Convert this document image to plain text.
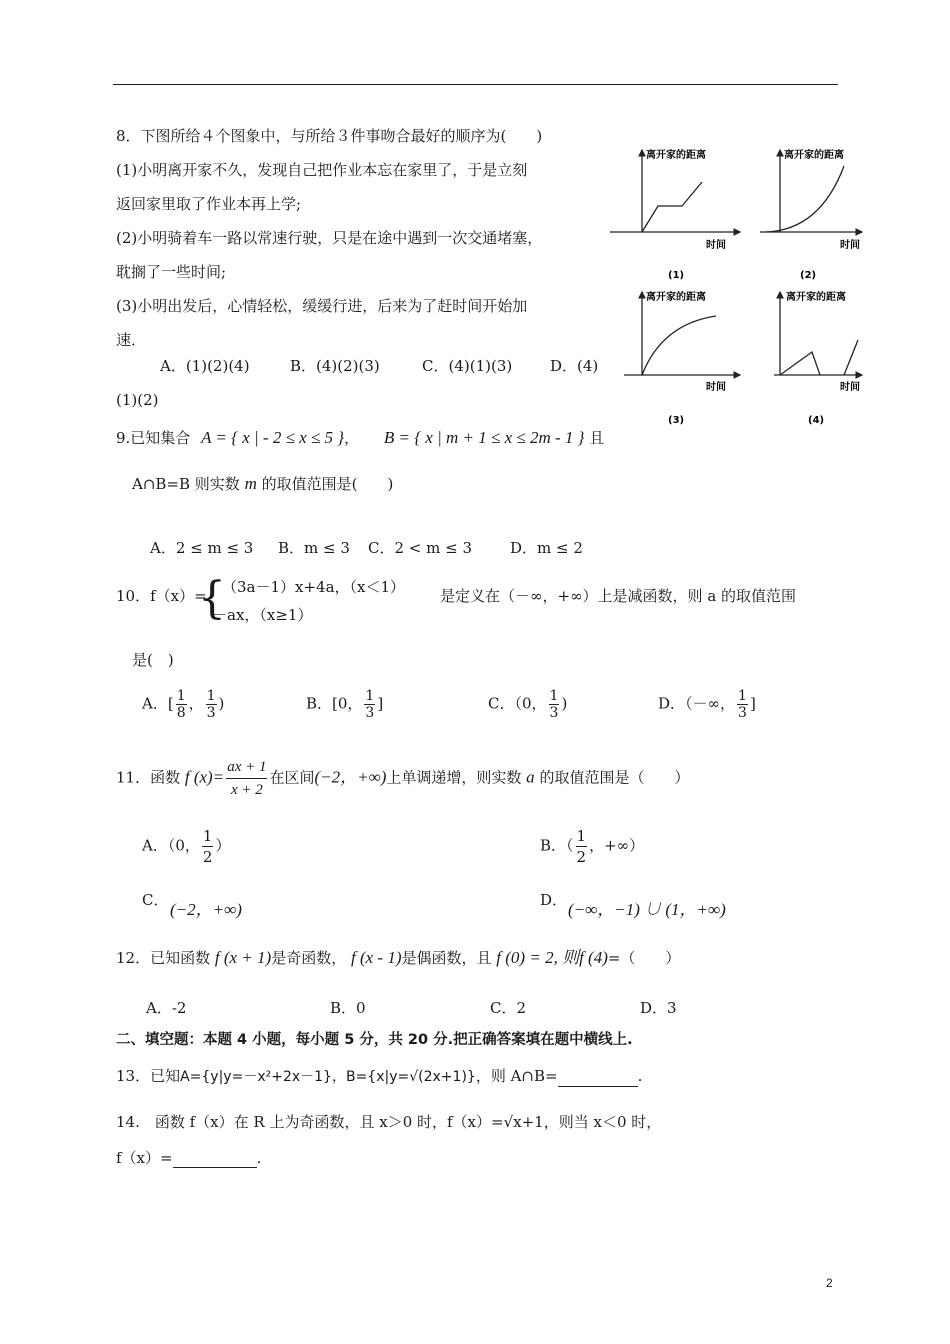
8．下图所给４个图象中，与所给３件事吻合最好的顺序为(　　)
(1)小明离开家不久，发现自己把作业本忘在家里了，于是立刻
返回家里取了作业本再上学;
(2)小明骑着车一路以常速行驶，只是在途中遇到一次交通堵塞，
耽搁了一些时间;
(3)小明出发后，心情轻松，缓缓行进，后来为了赶时间开始加
速．
A．(1)(2)(4)	B．(4)(2)(3)	C．(4)(1)(3)	D．(4)
(1)(2)
离开家的距离
时间
(1)
离开家的距离
时间
(2)
离开家的距离
时间
(3)
离开家的距离
时间
(4)
9.已知集合 A = { x | - 2 ≤ x ≤ 5 }， B = { x | m + 1 ≤ x ≤ 2m - 1 } 且
A∩B=B 则实数 m 的取值范围是(　　)
A．2 ≤ m ≤ 3 B．m ≤ 3 C．2 < m ≤ 3	D．m ≤ 2
10．f（x）=
{
（3a－1）x+4a，（x＜1）
－ax，（x≥1）
是定义在（－∞，+∞）上是减函数，则 a 的取值范围
是(　)
A．[ $\frac{1}{8}$ ， $\frac{1}{3}$ )	B．[0， $\frac{1}{3}$ ]	C．（0， $\frac{1}{3}$ )	D．（－∞， $\frac{1}{3}$ ]
11．函数 f $(x)= \frac{ax + 1}{x + 2}$ 在区间(−2，+∞)上单调递增，则实数 a 的取值范围是（　　）
A．（0， $\frac{1}{2}$ ）	B．（ $\frac{1}{2}$ ，+∞）
C． (−2，+∞)	D． (−∞，−1) ∪ (1，+∞)
12．已知函数 f (x + 1)是奇函数， f (x - 1)是偶函数，且 f (0) = 2, 则f (4)=（　　）
A．-2	B．0	C．2	D．3
二、填空题：本题 4 小题，每小题 5 分，共 20 分.把正确答案填在题中横线上.
13．已知A={y|y=－x²+2x－1}，B={x|y=√(2x+1)}，则 A∩B=	.
14.　函数 f（x）在 R 上为奇函数，且 x＞0 时，f（x）=√x+1，则当 x＜0 时，
f（x）=	.
2
